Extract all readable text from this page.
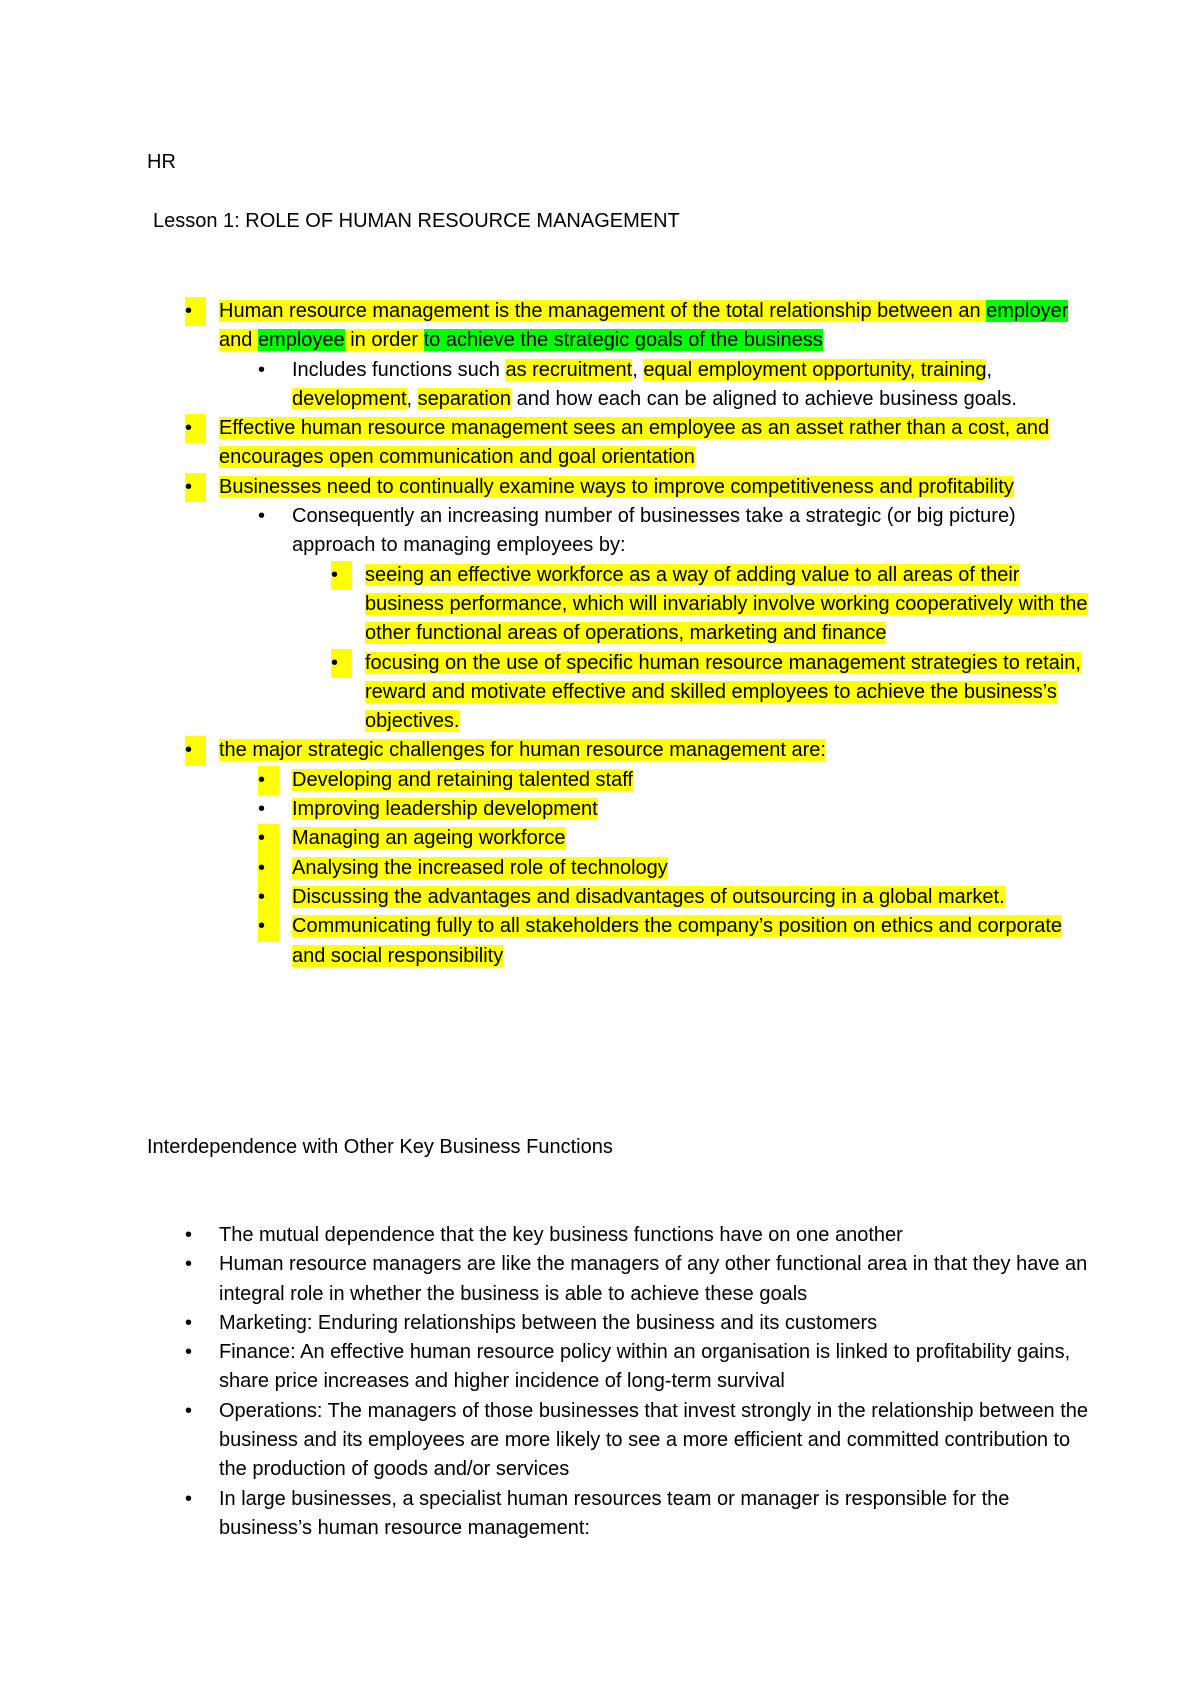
HR
Lesson 1: ROLE OF HUMAN RESOURCE MANAGEMENT
•	Human resource management is the management of the total relationship between an employer and employee in order to achieve the strategic goals of the business
• Includes functions such as recruitment, equal employment opportunity, training, development, separation and how each can be aligned to achieve business goals.
•	Effective human resource management sees an employee as an asset rather than a cost, and encourages open communication and goal orientation
•	Businesses need to continually examine ways to improve competitiveness and profitability
• Consequently an increasing number of businesses take a strategic (or big picture) approach to managing employees by:
•	seeing an effective workforce as a way of adding value to all areas of their business performance, which will invariably involve working cooperatively with the other functional areas of operations, marketing and finance
•	focusing on the use of specific human resource management strategies to retain, reward and motivate effective and skilled employees to achieve the business’s objectives.
•	the major strategic challenges for human resource management are:
•	Developing and retaining talented staff
• Improving leadership development
•	Managing an ageing workforce
•	Analysing the increased role of technology
•	Discussing the advantages and disadvantages of outsourcing in a global market.
•	Communicating fully to all stakeholders the company’s position on ethics and corporate and social responsibility
Interdependence with Other Key Business Functions
• The mutual dependence that the key business functions have on one another
• Human resource managers are like the managers of any other functional area in that they have an integral role in whether the business is able to achieve these goals
• Marketing: Enduring relationships between the business and its customers
• Finance: An effective human resource policy within an organisation is linked to profitability gains, share price increases and higher incidence of long-term survival
• Operations: The managers of those businesses that invest strongly in the relationship between the business and its employees are more likely to see a more efficient and committed contribution to the production of goods and/or services
• In large businesses, a specialist human resources team or manager is responsible for the business’s human resource management:
